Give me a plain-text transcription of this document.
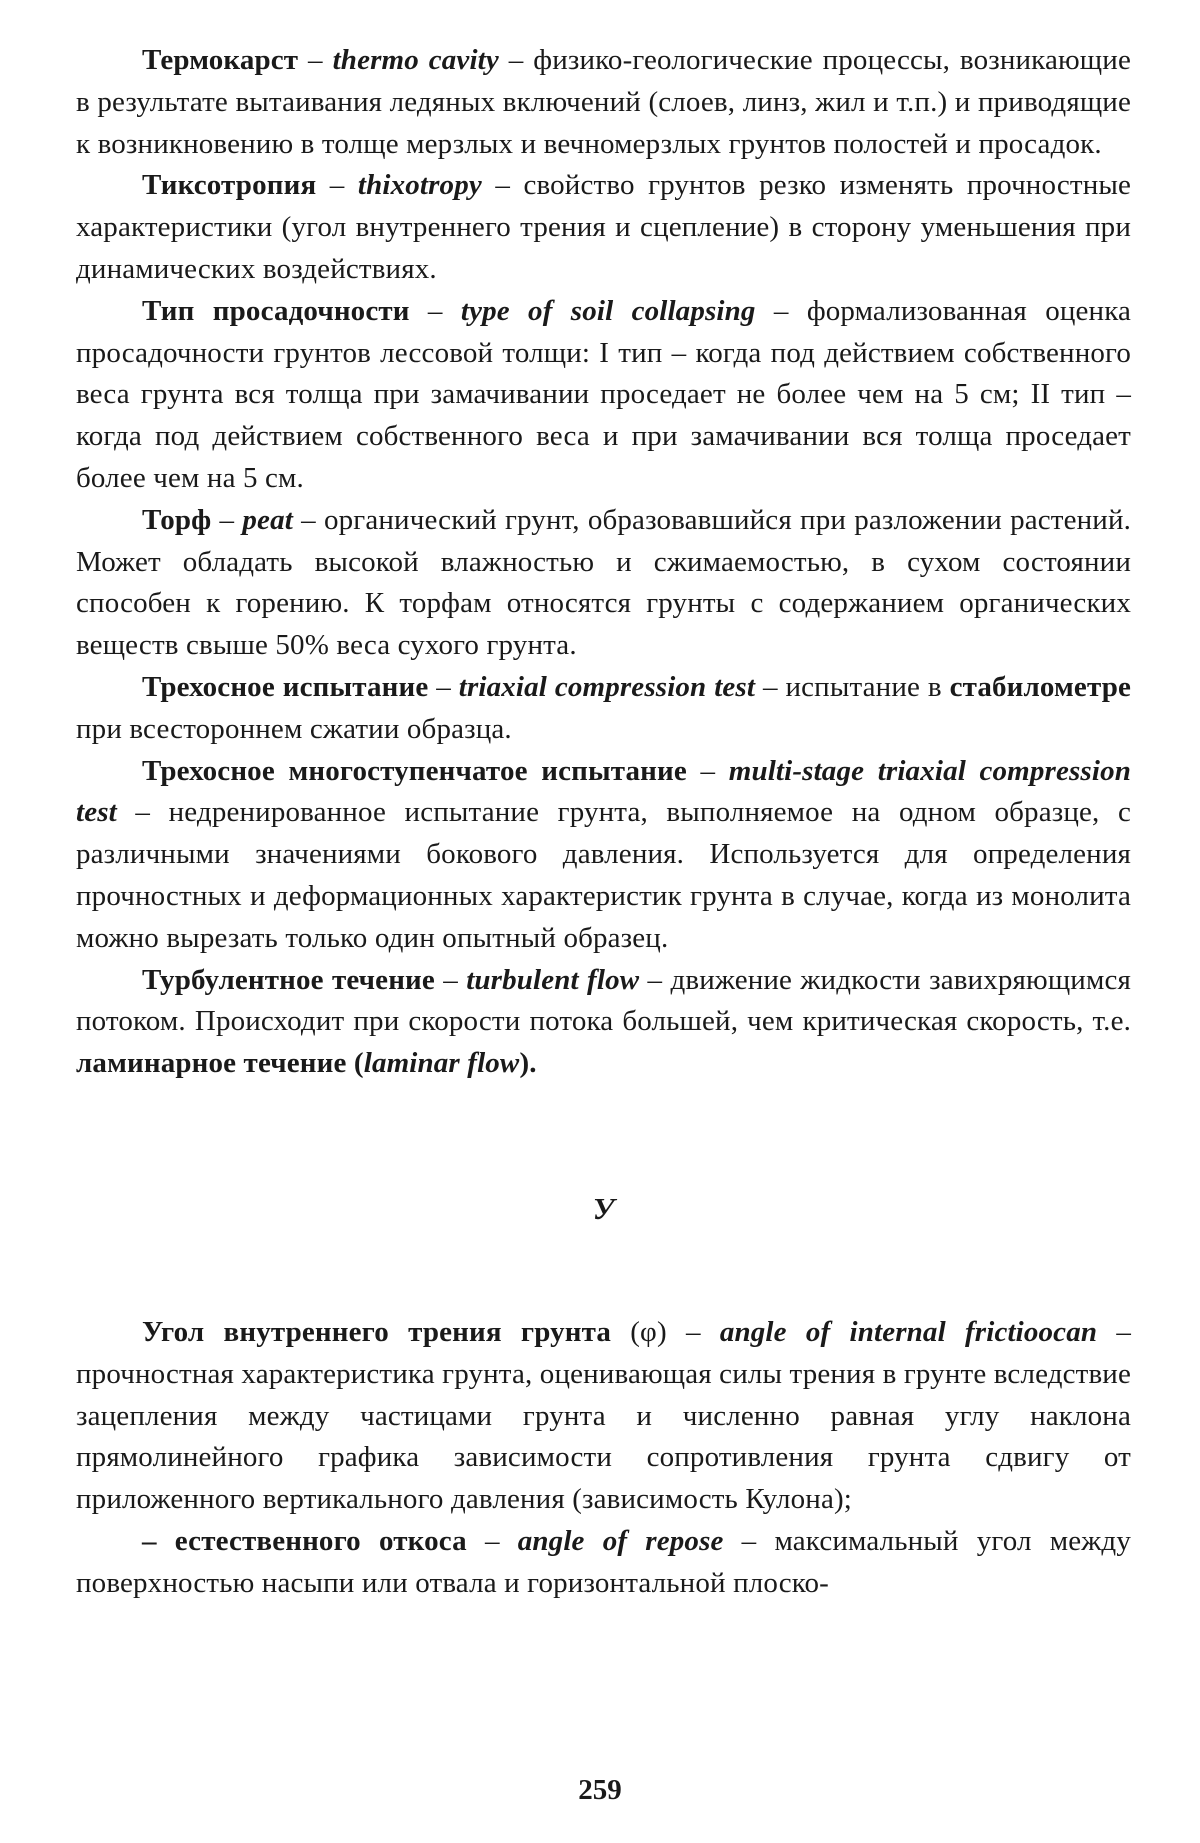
Термокарст – thermo cavity – физико-геологические процессы, возникающие в результате вытаивания ледяных включений (слоев, линз, жил и т.п.) и приводящие к возникновению в толще мерзлых и вечномерзлых грунтов полостей и просадок.

Тиксотропия – thixotropy – свойство грунтов резко изменять прочностные характеристики (угол внутреннего трения и сцепление) в сторону уменьшения при динамических воздействиях.

Тип просадочности – type of soil collapsing – формализованная оценка просадочности грунтов лессовой толщи: I тип – когда под действием собственного веса грунта вся толща при замачивании проседает не более чем на 5 см; II тип – когда под действием собственного веса и при замачивании вся толща проседает более чем на 5 см.

Торф – peat – органический грунт, образовавшийся при разложении растений. Может обладать высокой влажностью и сжимаемостью, в сухом состоянии способен к горению. К торфам относятся грунты с содержанием органических веществ свыше 50% веса сухого грунта.

Трехосное испытание – triaxial compression test – испытание в стабилометре при всестороннем сжатии образца.

Трехосное многоступенчатое испытание – multi-stage triaxial compression test – недренированное испытание грунта, выполняемое на одном образце, с различными значениями бокового давления. Используется для определения прочностных и деформационных характеристик грунта в случае, когда из монолита можно вырезать только один опытный образец.

Турбулентное течение – turbulent flow – движение жидкости завихряющимся потоком. Происходит при скорости потока большей, чем критическая скорость, т.е. ламинарное течение (laminar flow).

У

Угол внутреннего трения грунта (φ) – angle of internal frictioocan – прочностная характеристика грунта, оценивающая силы трения в грунте вследствие зацепления между частицами грунта и численно равная углу наклона прямолинейного графика зависимости сопротивления грунта сдвигу от приложенного вертикального давления (зависимость Кулона);

– естественного откоса – angle of repose – максимальный угол между поверхностью насыпи или отвала и горизонтальной плоско-

259
